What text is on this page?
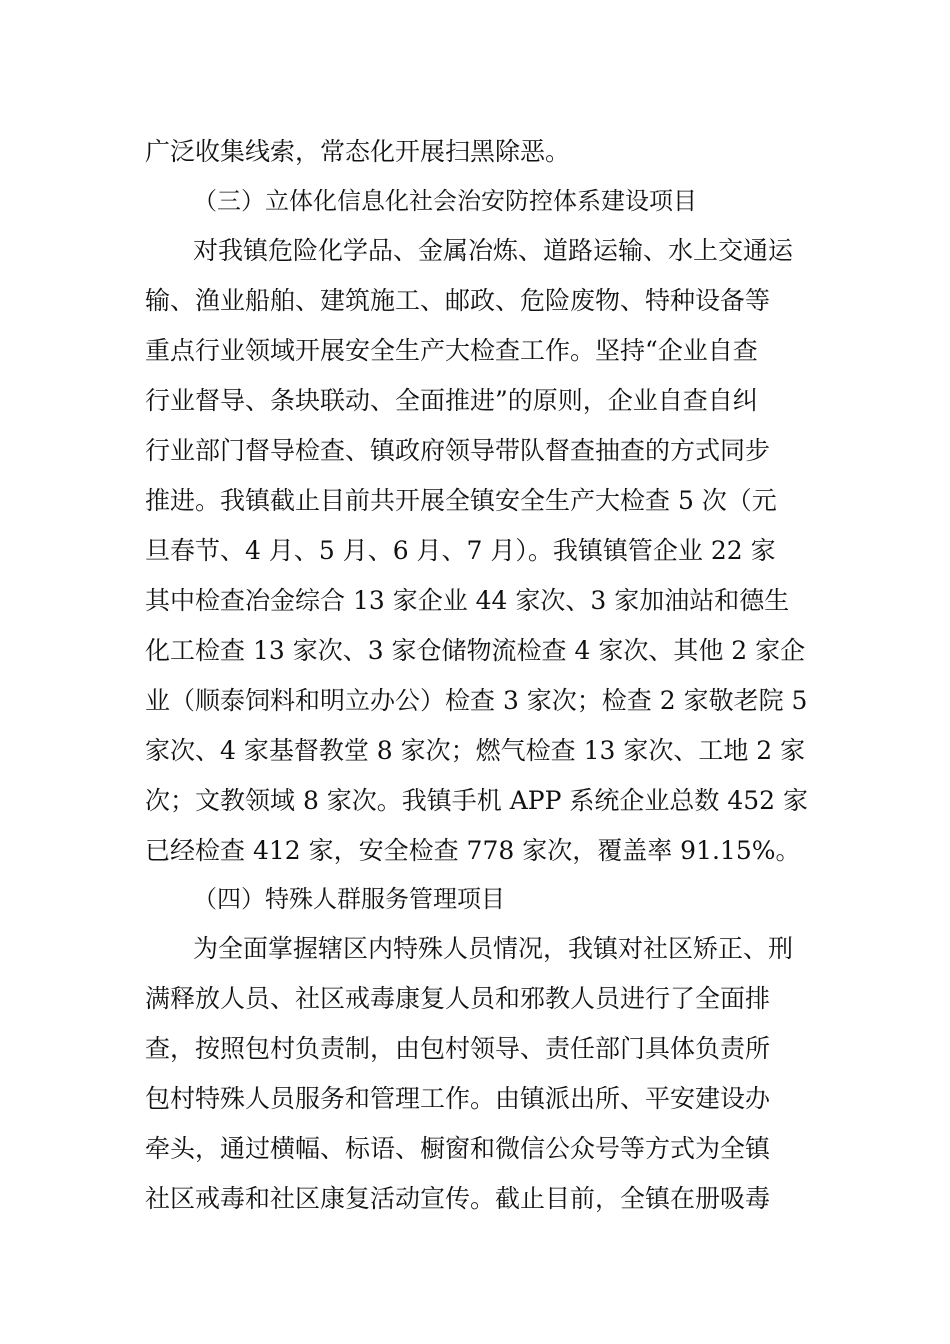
广泛收集线索，常态化开展扫黑除恶。
（三）立体化信息化社会治安防控体系建设项目
对我镇危险化学品、金属冶炼、道路运输、水上交通运
输、渔业船舶、建筑施工、邮政、危险废物、特种设备等
重点行业领域开展安全生产大检查工作。坚持“企业自查
行业督导、条块联动、全面推进”的原则，企业自查自纠
行业部门督导检查、镇政府领导带队督查抽查的方式同步
推进。我镇截止目前共开展全镇安全生产大检查 5 次（元
旦春节、4 月、5 月、6 月、7 月）。我镇镇管企业 22 家
其中检查冶金综合 13 家企业 44 家次、3 家加油站和德生
化工检查 13 家次、3 家仓储物流检查 4 家次、其他 2 家企
业（顺泰饲料和明立办公）检查 3 家次；检查 2 家敬老院 5
家次、4 家基督教堂 8 家次；燃气检查 13 家次、工地 2 家
次；文教领域 8 家次。我镇手机 APP 系统企业总数 452 家
已经检查 412 家，安全检查 778 家次，覆盖率 91.15%。
（四）特殊人群服务管理项目
为全面掌握辖区内特殊人员情况，我镇对社区矫正、刑
满释放人员、社区戒毒康复人员和邪教人员进行了全面排
查，按照包村负责制，由包村领导、责任部门具体负责所
包村特殊人员服务和管理工作。由镇派出所、平安建设办
牵头，通过横幅、标语、橱窗和微信公众号等方式为全镇
社区戒毒和社区康复活动宣传。截止目前，全镇在册吸毒
